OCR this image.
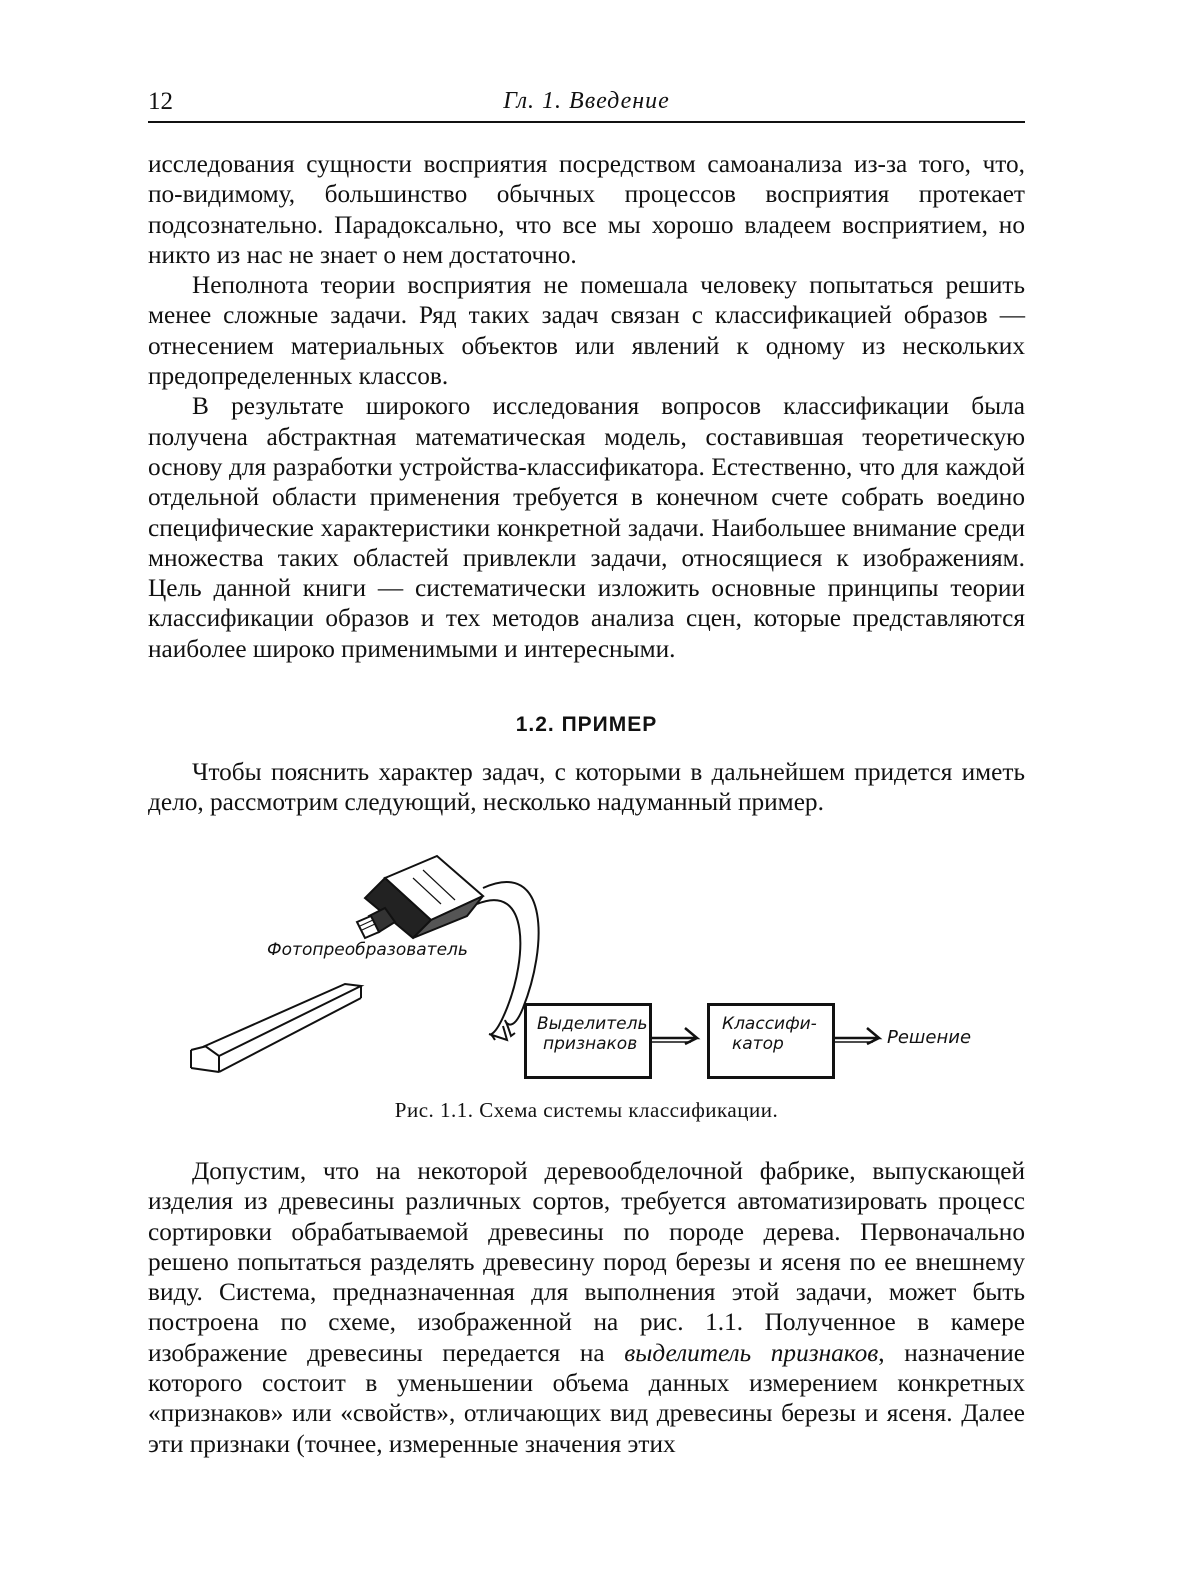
12	Гл. 1. Введение

исследования сущности восприятия посредством самоанализа из-за того, что, по-видимому, большинство обычных процессов восприятия протекает подсознательно. Парадоксально, что все мы хорошо владеем восприятием, но никто из нас не знает о нем достаточно.

Неполнота теории восприятия не помешала человеку попытаться решить менее сложные задачи. Ряд таких задач связан с классификацией образов — отнесением материальных объектов или явлений к одному из нескольких предопределенных классов.

В результате широкого исследования вопросов классификации была получена абстрактная математическая модель, составившая теоретическую основу для разработки устройства-классификатора. Естественно, что для каждой отдельной области применения требуется в конечном счете собрать воедино специфические характеристики конкретной задачи. Наибольшее внимание среди множества таких областей привлекли задачи, относящиеся к изображениям. Цель данной книги — систематически изложить основные принципы теории классификации образов и тех методов анализа сцен, которые представляются наиболее широко применимыми и интересными.

1.2. ПРИМЕР

Чтобы пояснить характер задач, с которыми в дальнейшем придется иметь дело, рассмотрим следующий, несколько надуманный пример.

Фотопреобразователь
Выделитель
признаков
Классифи-
катор	Решение
Рис. 1.1. Схема системы классификации.

Допустим, что на некоторой деревообделочной фабрике, выпускающей изделия из древесины различных сортов, требуется автоматизировать процесс сортировки обрабатываемой древесины по породе дерева. Первоначально решено попытаться разделять древесину пород березы и ясеня по ее внешнему виду. Система, предназначенная для выполнения этой задачи, может быть построена по схеме, изображенной на рис. 1.1. Полученное в камере изображение древесины передается на выделитель признаков, назначение которого состоит в уменьшении объема данных измерением конкретных «признаков» или «свойств», отличающих вид древесины березы и ясеня. Далее эти признаки (точнее, измеренные значения этих
